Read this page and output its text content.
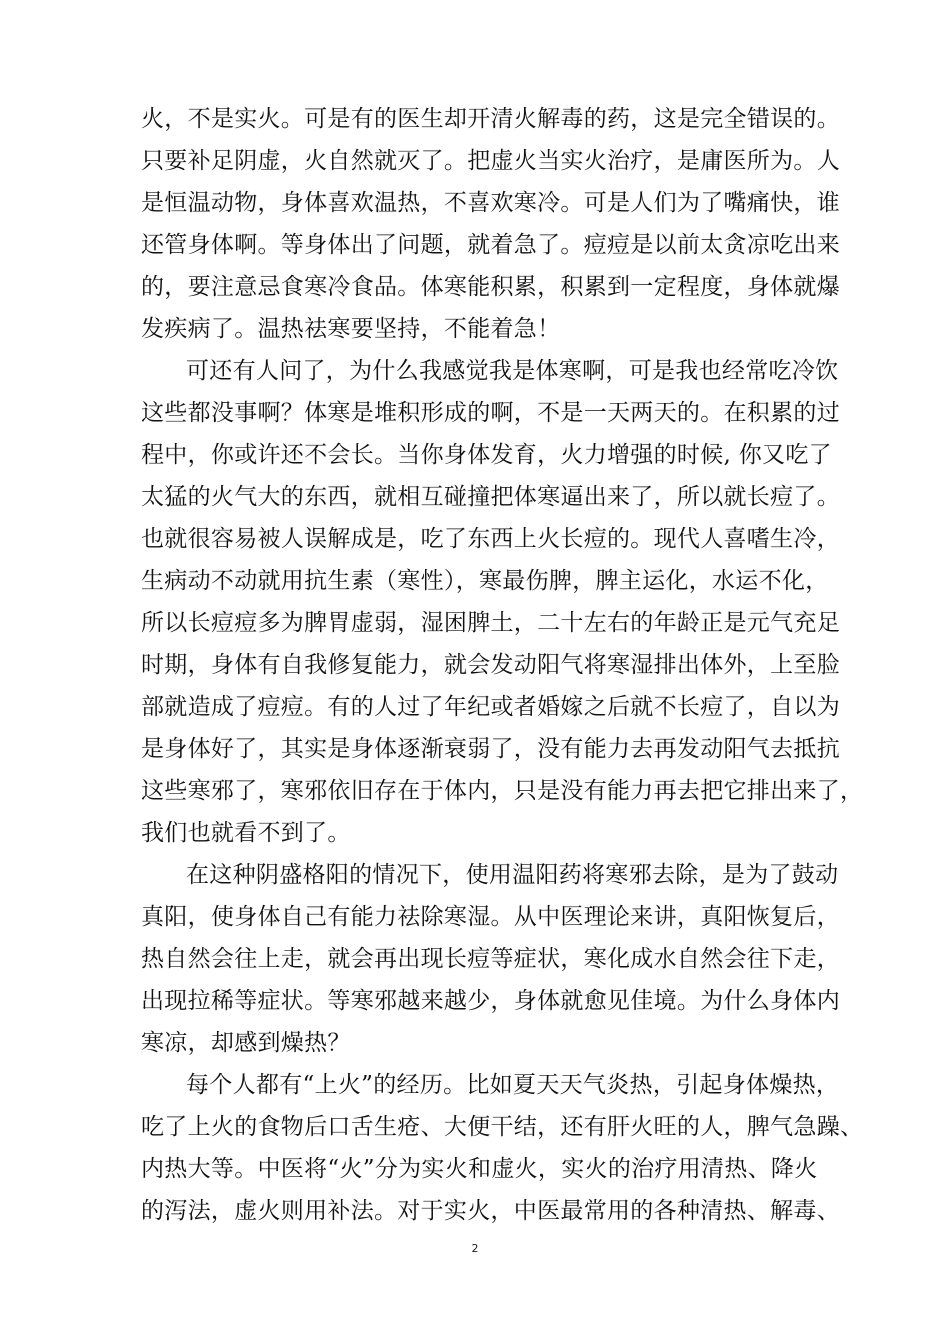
火，不是实火。可是有的医生却开清火解毒的药，这是完全错误的。
只要补足阴虚，火自然就灭了。把虚火当实火治疗，是庸医所为。人
是恒温动物，身体喜欢温热，不喜欢寒冷。可是人们为了嘴痛快，谁
还管身体啊。等身体出了问题，就着急了。痘痘是以前太贪凉吃出来
的，要注意忌食寒冷食品。体寒能积累，积累到一定程度，身体就爆
发疾病了。温热祛寒要坚持，不能着急！
可还有人问了，为什么我感觉我是体寒啊，可是我也经常吃冷饮
这些都没事啊？体寒是堆积形成的啊，不是一天两天的。在积累的过
程中，你或许还不会长。当你身体发育，火力增强的时候, 你又吃了
太猛的火气大的东西，就相互碰撞把体寒逼出来了，所以就长痘了。
也就很容易被人误解成是，吃了东西上火长痘的。现代人喜嗜生冷，
生病动不动就用抗生素（寒性），寒最伤脾，脾主运化，水运不化，
所以长痘痘多为脾胃虚弱，湿困脾土，二十左右的年龄正是元气充足
时期，身体有自我修复能力，就会发动阳气将寒湿排出体外，上至脸
部就造成了痘痘。有的人过了年纪或者婚嫁之后就不长痘了，自以为
是身体好了，其实是身体逐渐衰弱了，没有能力去再发动阳气去抵抗
这些寒邪了，寒邪依旧存在于体内，只是没有能力再去把它排出来了，
我们也就看不到了。
在这种阴盛格阳的情况下，使用温阳药将寒邪去除，是为了鼓动
真阳，使身体自己有能力祛除寒湿。从中医理论来讲，真阳恢复后，
热自然会往上走，就会再出现长痘等症状，寒化成水自然会往下走，
出现拉稀等症状。等寒邪越来越少，身体就愈见佳境。为什么身体内
寒凉，却感到燥热？
每个人都有“上火”的经历。比如夏天天气炎热，引起身体燥热，
吃了上火的食物后口舌生疮、大便干结，还有肝火旺的人，脾气急躁、
内热大等。中医将“火”分为实火和虚火，实火的治疗用清热、降火
的泻法，虚火则用补法。对于实火，中医最常用的各种清热、解毒、
2
